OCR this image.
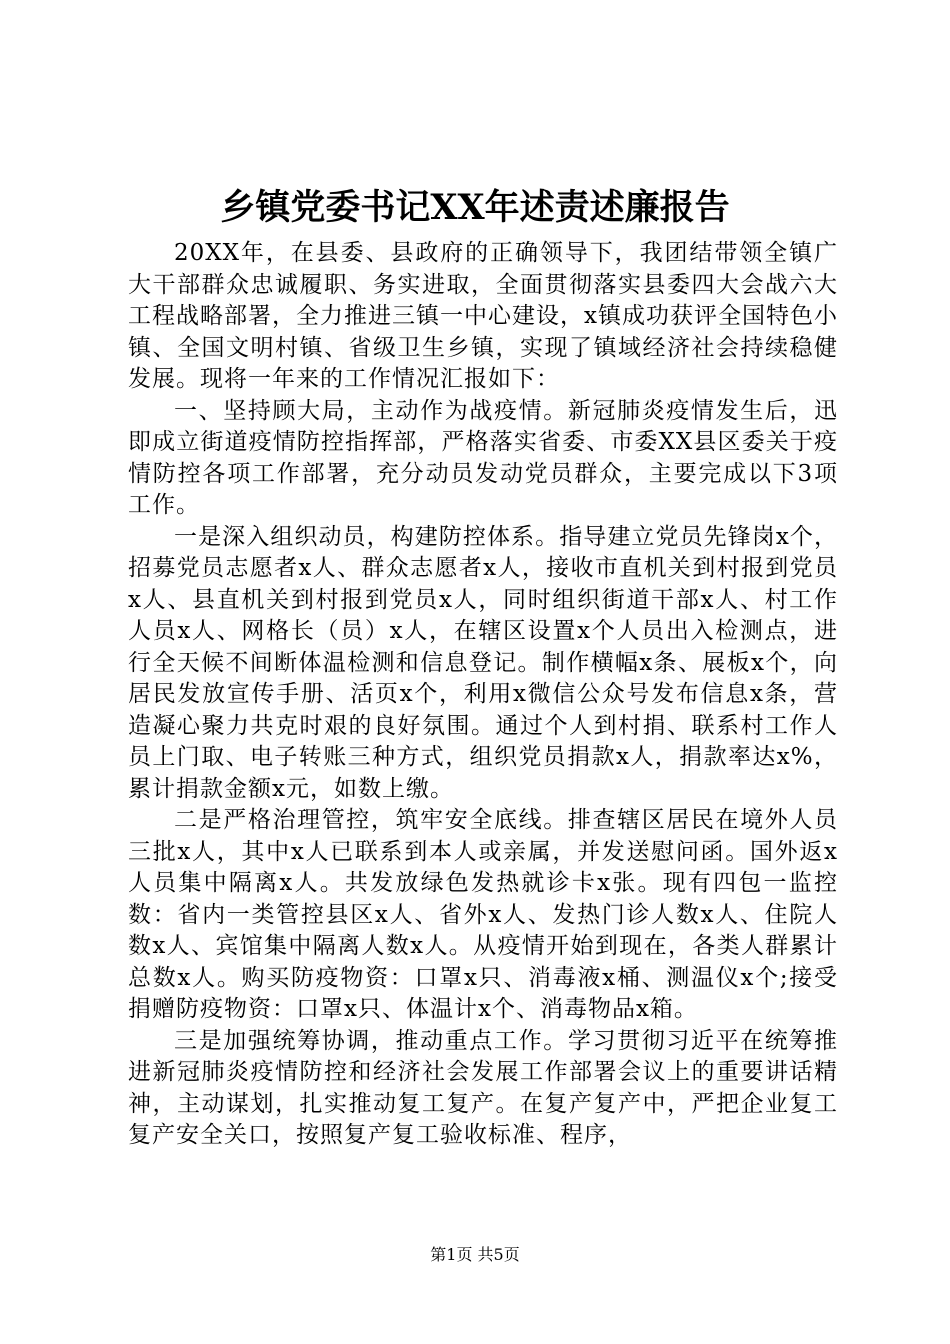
乡镇党委书记XX年述责述廉报告

20XX年，在县委、县政府的正确领导下，我团结带领全镇广大干部群众忠诚履职、务实进取，全面贯彻落实县委四大会战六大工程战略部署，全力推进三镇一中心建设，x镇成功获评全国特色小镇、全国文明村镇、省级卫生乡镇，实现了镇域经济社会持续稳健发展。现将一年来的工作情况汇报如下：

一、坚持顾大局，主动作为战疫情。新冠肺炎疫情发生后，迅即成立街道疫情防控指挥部，严格落实省委、市委XX县区委关于疫情防控各项工作部署，充分动员发动党员群众，主要完成以下3项工作。

一是深入组织动员，构建防控体系。指导建立党员先锋岗x个，招募党员志愿者x人、群众志愿者x人，接收市直机关到村报到党员x人、县直机关到村报到党员x人，同时组织街道干部x人、村工作人员x人、网格长（员）x人，在辖区设置x个人员出入检测点，进行全天候不间断体温检测和信息登记。制作横幅x条、展板x个，向居民发放宣传手册、活页x个，利用x微信公众号发布信息x条，营造凝心聚力共克时艰的良好氛围。通过个人到村捐、联系村工作人员上门取、电子转账三种方式，组织党员捐款x人，捐款率达x%，累计捐款金额x元，如数上缴。

二是严格治理管控，筑牢安全底线。排查辖区居民在境外人员三批x人，其中x人已联系到本人或亲属，并发送慰问函。国外返x人员集中隔离x人。共发放绿色发热就诊卡x张。现有四包一监控数：省内一类管控县区x人、省外x人、发热门诊人数x人、住院人数x人、宾馆集中隔离人数x人。从疫情开始到现在，各类人群累计总数x人。购买防疫物资：口罩x只、消毒液x桶、测温仪x个;接受捐赠防疫物资：口罩x只、体温计x个、消毒物品x箱。

三是加强统筹协调，推动重点工作。学习贯彻习近平在统筹推进新冠肺炎疫情防控和经济社会发展工作部署会议上的重要讲话精神，主动谋划，扎实推动复工复产。在复产复产中，严把企业复工复产安全关口，按照复产复工验收标准、程序，

第1页 共5页
